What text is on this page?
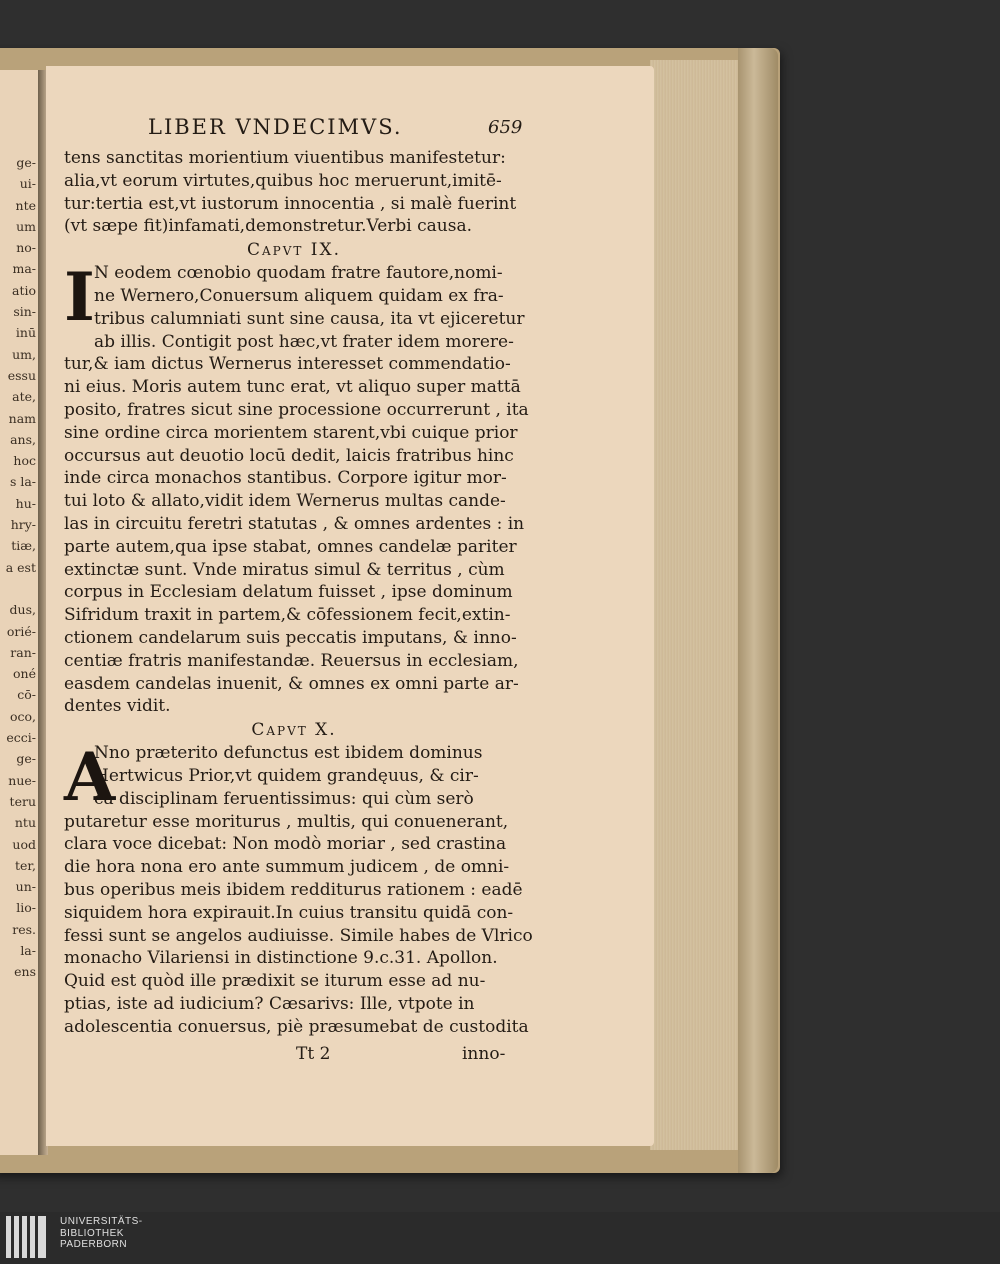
ge-
ui-
nte
um
no-
ma-
atio
sin-
inū
um,
essu
ate,
nam
ans,
hoc
s la-
hu-
hry-
tiæ,
a est
dus,
orié-
ran-
oné
cō-
oco,
ecci-
ge-
nue-
teru
ntu
uod
ter,
un-
lio-
res.
la-
ens
LIBER VNDECIMVS.	659
tens sanctitas morientium viuentibus manifestetur:
alia,vt eorum virtutes,quibus hoc meruerunt,imitē-
tur:tertia est,vt iustorum innocentia , si malè fuerint
(vt sæpe fit)infamati,demonstretur.Verbi causa.
Capvt IX.
I N eodem cœnobio quodam fratre fautore,nomi-
ne Wernero,Conuersum aliquem quidam ex fra-
tribus calumniati sunt sine causa, ita vt ejiceretur
ab illis. Contigit post hæc,vt frater idem morere-
tur,& iam dictus Wernerus interesset commendatio-
ni eius. Moris autem tunc erat, vt aliquo super mattā
posito, fratres sicut sine processione occurrerunt , ita
sine ordine circa morientem starent,vbi cuique prior
occursus aut deuotio locū dedit, laicis fratribus hinc
inde circa monachos stantibus. Corpore igitur mor-
tui loto & allato,vidit idem Wernerus multas cande-
las in circuitu feretri statutas , & omnes ardentes : in
parte autem,qua ipse stabat, omnes candelæ pariter
extinctæ sunt. Vnde miratus simul & territus , cùm
corpus in Ecclesiam delatum fuisset , ipse dominum
Sifridum traxit in partem,& cōfessionem fecit,extin-
ctionem candelarum suis peccatis imputans, & inno-
centiæ fratris manifestandæ. Reuersus in ecclesiam,
easdem candelas inuenit, & omnes ex omni parte ar-
dentes vidit.
Capvt X.
A
Nno præterito defunctus est ibidem dominus
Hertwicus Prior,vt quidem grandęuus, & cir-
ca disciplinam feruentissimus: qui cùm serò
putaretur esse moriturus , multis, qui conuenerant,
clara voce dicebat: Non modò moriar , sed crastina
die hora nona ero ante summum judicem , de omni-
bus operibus meis ibidem redditurus rationem : eadē
siquidem hora expirauit.In cuius transitu quidā con-
fessi sunt se angelos audiuisse. Simile habes de Vlrico
monacho Vilariensi in distinctione 9.c.31. Apollon.
Quid est quòd ille prædixit se iturum esse ad nu-
ptias, iste ad iudicium? Cæsarivs: Ille, vtpote in
adolescentia conuersus, piè præsumebat de custodita
Tt 2	inno-
UNIVERSITÄTS-
BIBLIOTHEK
PADERBORN
